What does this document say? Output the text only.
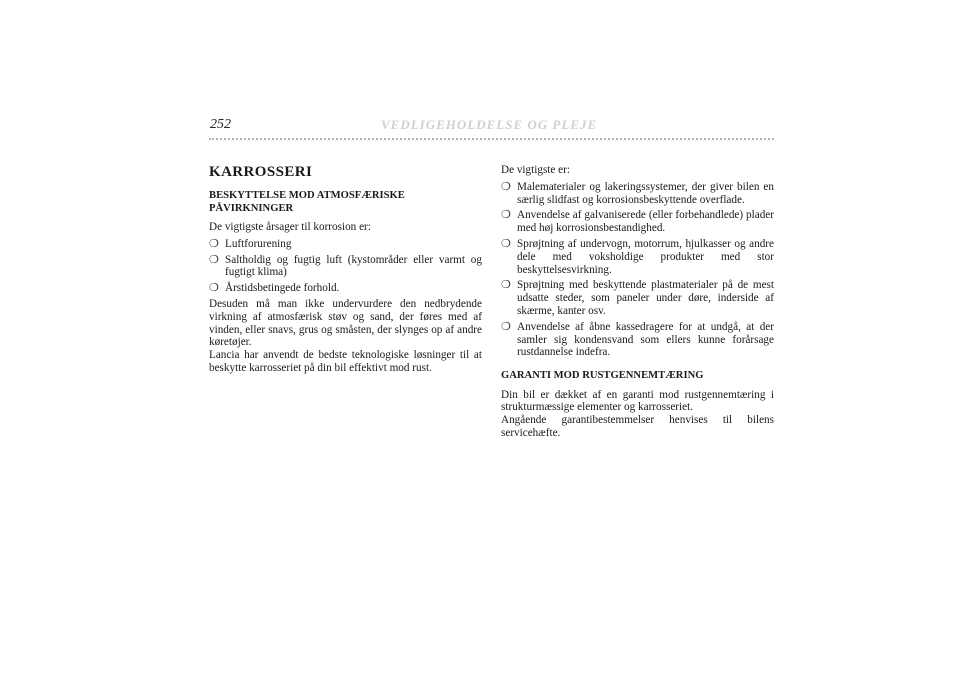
252	VEDLIGEHOLDELSE OG PLEJE
KARROSSERI
BESKYTTELSE MOD ATMOSFÆRISKE PÅVIRKNINGER

De vigtigste årsager til korrosion er:

❍ Luftforurening
❍ Saltholdig og fugtig luft (kystområder eller varmt og fugtigt klima)
❍ Årstidsbetingede forhold.

Desuden må man ikke undervurdere den nedbrydende virkning af atmosfærisk støv og sand, der føres med af vinden, eller snavs, grus og småsten, der slynges op af andre køretøjer.

Lancia har anvendt de bedste teknologiske løsninger til at beskytte karrosseriet på din bil effektivt mod rust.

De vigtigste er:

❍ Malematerialer og lakeringssystemer, der giver bilen en særlig slidfast og korrosionsbeskyttende overflade.
❍ Anvendelse af galvaniserede (eller forbehandlede) plader med høj korrosionsbestandighed.
❍ Sprøjtning af undervogn, motorrum, hjulkasser og andre dele med voksholdige produkter med stor beskyttelsesvirkning.
❍ Sprøjtning med beskyttende plastmaterialer på de mest udsatte steder, som paneler under døre, inderside af skærme, kanter osv.
❍ Anvendelse af åbne kassedragere for at undgå, at der samler sig kondensvand som ellers kunne forårsage rustdannelse indefra.
GARANTI MOD RUSTGENNEMTÆRING

Din bil er dækket af en garanti mod rustgennemtæring i strukturmæssige elementer og karrosseriet.

Angående garantibestemmelser henvises til bilens servicehæfte.
